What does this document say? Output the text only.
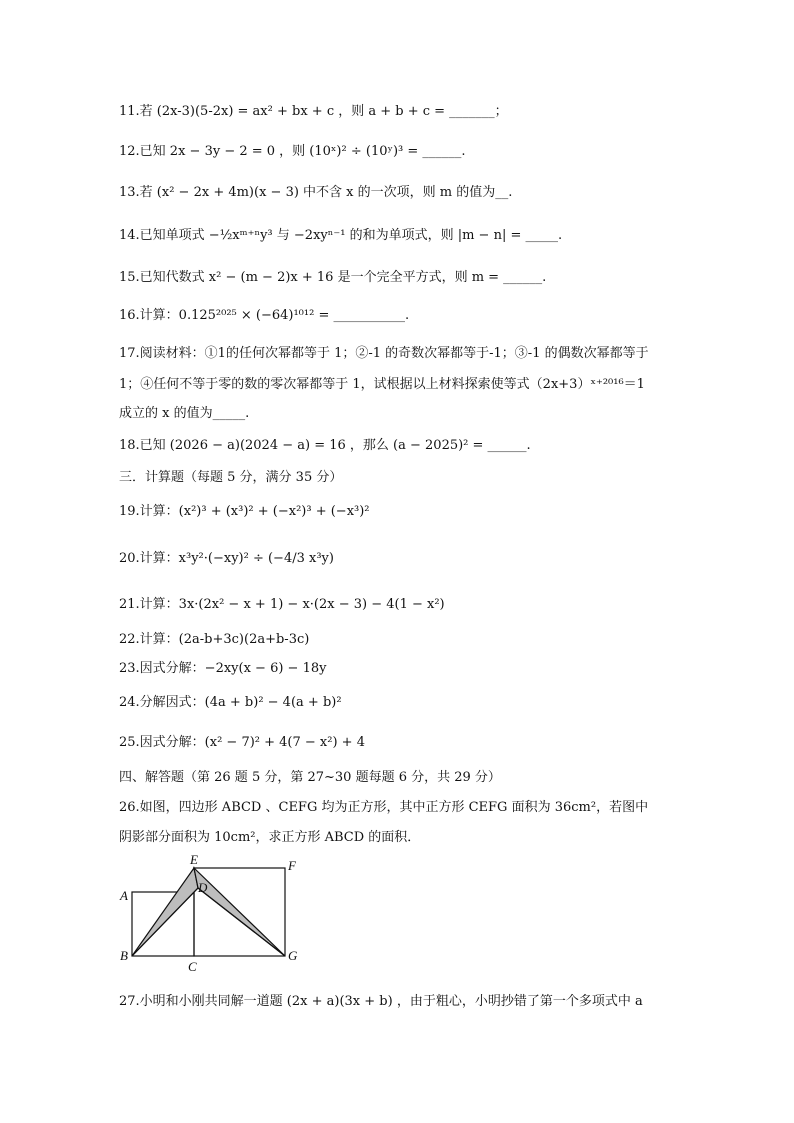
11.若 (2x-3)(5-2x) = ax² + bx + c ，则 a + b + c = _______；
12.已知 2x − 3y − 2 = 0 ，则 (10ˣ)² ÷ (10ʸ)³ = ______.
13.若 (x² − 2x + 4m)(x − 3) 中不含 x 的一次项，则 m 的值为__.
14.已知单项式 −½xᵐ⁺ⁿy³ 与 −2xyⁿ⁻¹ 的和为单项式，则 |m − n| = _____.
15.已知代数式 x² − (m − 2)x + 16 是一个完全平方式，则 m = ______.
16.计算：0.125²⁰²⁵ × (−64)¹⁰¹² = ___________.
17.阅读材料：①1的任何次幂都等于 1；②-1 的奇数次幂都等于-1；③-1 的偶数次幂都等于
1；④任何不等于零的数的零次幂都等于 1，试根据以上材料探索使等式（2x+3）ˣ⁺²⁰¹⁶＝1
成立的 x 的值为_____.
18.已知 (2026 − a)(2024 − a) = 16 ，那么 (a − 2025)² = ______.
三．计算题（每题 5 分，满分 35 分）
19.计算：(x²)³ + (x³)² + (−x²)³ + (−x³)²
20.计算：x³y²·(−xy)² ÷ (−4/3 x³y)
21.计算：3x·(2x² − x + 1) − x·(2x − 3) − 4(1 − x²)
22.计算：(2a-b+3c)(2a+b-3c)
23.因式分解：−2xy(x − 6) − 18y
24.分解因式：(4a + b)² − 4(a + b)²
25.因式分解：(x² − 7)² + 4(7 − x²) + 4
四、解答题（第 26 题 5 分，第 27~30 题每题 6 分，共 29 分）
26.如图，四边形 ABCD 、CEFG 均为正方形，其中正方形 CEFG 面积为 36cm²，若图中
阴影部分面积为 10cm²，求正方形 ABCD 的面积．
E	F
A
D
B
C
G
27.小明和小刚共同解一道题 (2x + a)(3x + b) ，由于粗心，小明抄错了第一个多项式中 a
